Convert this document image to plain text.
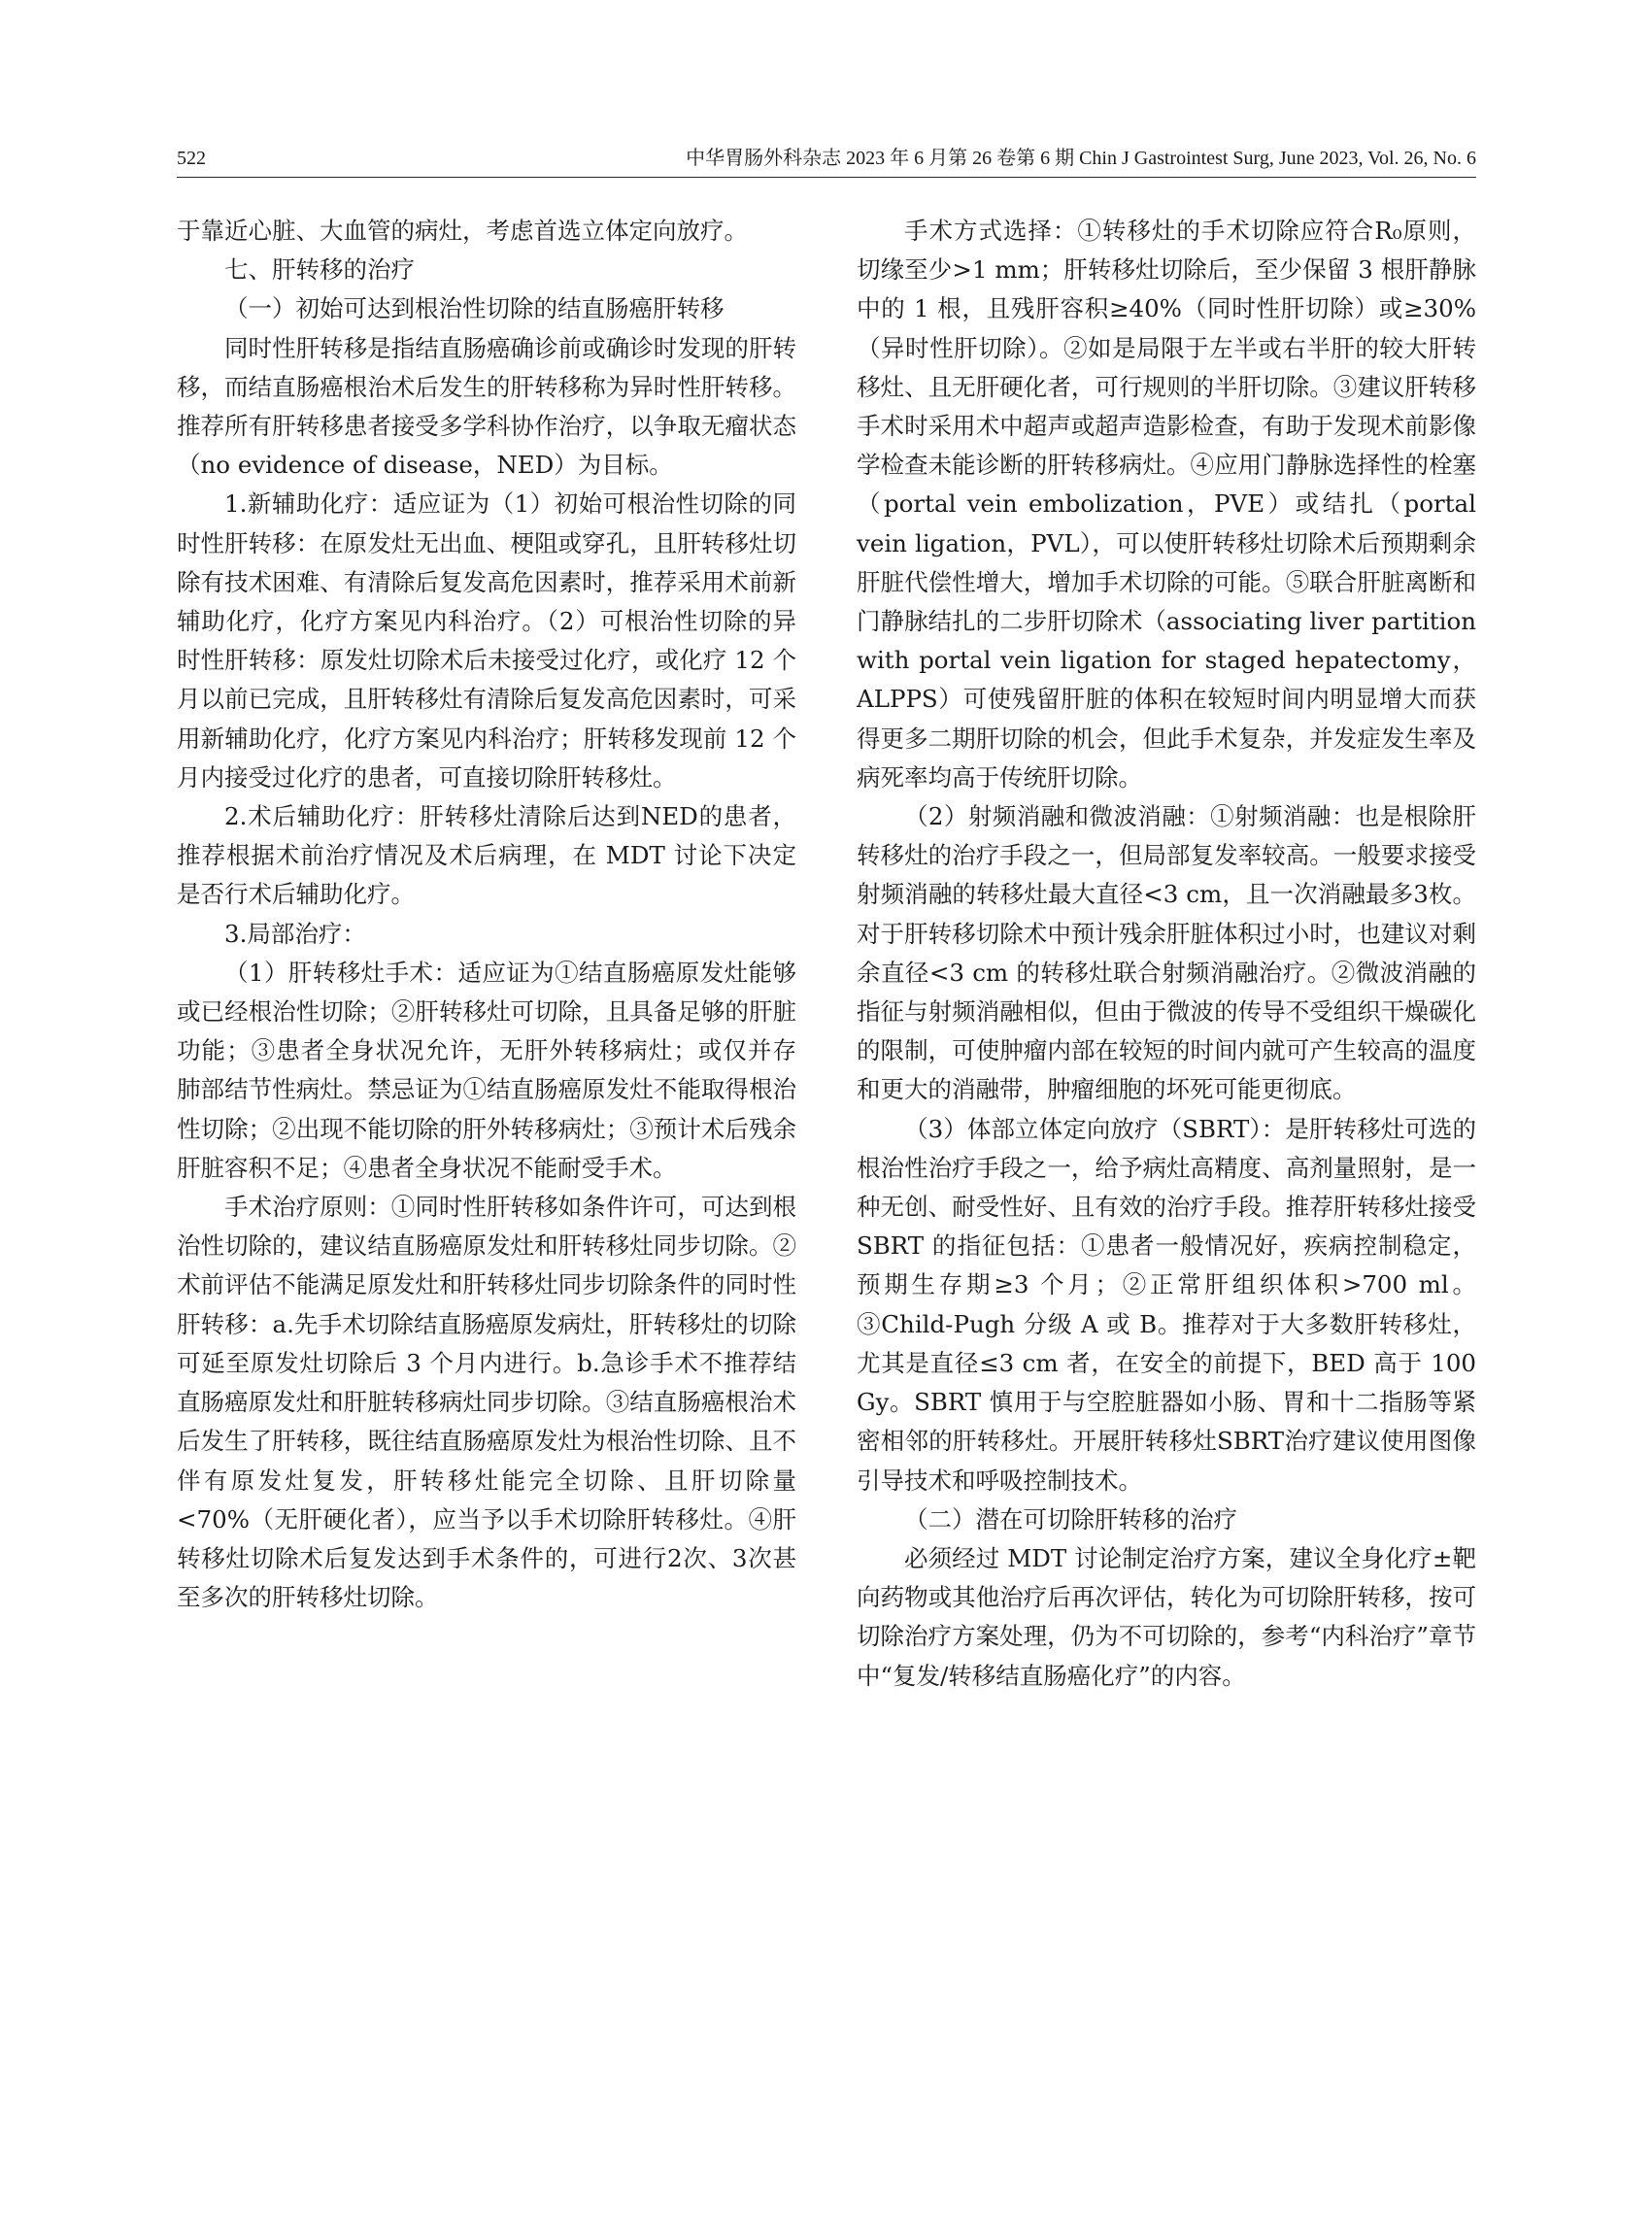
522	中华胃肠外科杂志 2023 年 6 月第 26 卷第 6 期 Chin J Gastrointest Surg, June 2023, Vol. 26, No. 6

于靠近心脏、大血管的病灶，考虑首选立体定向放疗。

七、肝转移的治疗

（一）初始可达到根治性切除的结直肠癌肝转移

同时性肝转移是指结直肠癌确诊前或确诊时发现的肝转移，而结直肠癌根治术后发生的肝转移称为异时性肝转移。推荐所有肝转移患者接受多学科协作治疗，以争取无瘤状态（no evidence of disease，NED）为目标。

1.新辅助化疗：适应证为（1）初始可根治性切除的同时性肝转移：在原发灶无出血、梗阻或穿孔，且肝转移灶切除有技术困难、有清除后复发高危因素时，推荐采用术前新辅助化疗，化疗方案见内科治疗。（2）可根治性切除的异时性肝转移：原发灶切除术后未接受过化疗，或化疗 12 个月以前已完成，且肝转移灶有清除后复发高危因素时，可采用新辅助化疗，化疗方案见内科治疗；肝转移发现前 12 个月内接受过化疗的患者，可直接切除肝转移灶。

2.术后辅助化疗：肝转移灶清除后达到NED的患者，推荐根据术前治疗情况及术后病理，在 MDT 讨论下决定是否行术后辅助化疗。

3.局部治疗：

（1）肝转移灶手术：适应证为①结直肠癌原发灶能够或已经根治性切除；②肝转移灶可切除，且具备足够的肝脏功能；③患者全身状况允许，无肝外转移病灶；或仅并存 肺部结节性病灶。禁忌证为①结直肠癌原发灶不能取得根治性切除；②出现不能切除的肝外转移病灶；③预计术后残余肝脏容积不足；④患者全身状况不能耐受手术。

手术治疗原则：①同时性肝转移如条件许可，可达到根治性切除的，建议结直肠癌原发灶和肝转移灶同步切除。②术前评估不能满足原发灶和肝转移灶同步切除条件的同时性肝转移：a.先手术切除结直肠癌原发病灶，肝转移灶的切除可延至原发灶切除后 3 个月内进行。b.急诊手术不推荐结直肠癌原发灶和肝脏转移病灶同步切除。③结直肠癌根治术后发生了肝转移，既往结直肠癌原发灶为根治性切除、且不伴有原发灶复发，肝转移灶能完全切除、且肝切除量<70%（无肝硬化者），应当予以手术切除肝转移灶。④肝转移灶切除术后复发达到手术条件的，可进行2次、3次甚至多次的肝转移灶切除。

手术方式选择：①转移灶的手术切除应符合R₀原则，切缘至少>1 mm；肝转移灶切除后，至少保留 3 根肝静脉中的 1 根，且残肝容积≥40%（同时性肝切除）或≥30%（异时性肝切除）。②如是局限于左半或右半肝的较大肝转移灶、且无肝硬化者，可行规则的半肝切除。③建议肝转移手术时采用术中超声或超声造影检查，有助于发现术前影像学检查未能诊断的肝转移病灶。④应用门静脉选择性的栓塞（portal vein embolization，PVE）或结扎（portal vein ligation，PVL），可以使肝转移灶切除术后预期剩余肝脏代偿性增大，增加手术切除的可能。⑤联合肝脏离断和门静脉结扎的二步肝切除术（associating liver partition with portal vein ligation for staged hepatectomy，ALPPS）可使残留肝脏的体积在较短时间内明显增大而获得更多二期肝切除的机会，但此手术复杂，并发症发生率及病死率均高于传统肝切除。

（2）射频消融和微波消融：①射频消融：也是根除肝转移灶的治疗手段之一，但局部复发率较高。一般要求接受射频消融的转移灶最大直径<3 cm，且一次消融最多3枚。对于肝转移切除术中预计残余肝脏体积过小时，也建议对剩余直径<3 cm 的转移灶联合射频消融治疗。②微波消融的指征与射频消融相似，但由于微波的传导不受组织干燥碳化的限制，可使肿瘤内部在较短的时间内就可产生较高的温度和更大的消融带，肿瘤细胞的坏死可能更彻底。

（3）体部立体定向放疗（SBRT）：是肝转移灶可选的根治性治疗手段之一，给予病灶高精度、高剂量照射，是一种无创、耐受性好、且有效的治疗手段。推荐肝转移灶接受 SBRT 的指征包括：①患者一般情况好，疾病控制稳定，预期生存期≥3 个月；②正常肝组织体积>700 ml。③Child-Pugh 分级 A 或 B。推荐对于大多数肝转移灶，尤其是直径≤3 cm 者，在安全的前提下，BED 高于 100 Gy。SBRT 慎用于与空腔脏器如小肠、胃和十二指肠等紧密相邻的肝转移灶。开展肝转移灶SBRT治疗建议使用图像引导技术和呼吸控制技术。

（二）潜在可切除肝转移的治疗

必须经过 MDT 讨论制定治疗方案，建议全身化疗±靶向药物或其他治疗后再次评估，转化为可切除肝转移，按可切除治疗方案处理，仍为不可切除的，参考“内科治疗”章节中“复发/转移结直肠癌化疗”的内容。
